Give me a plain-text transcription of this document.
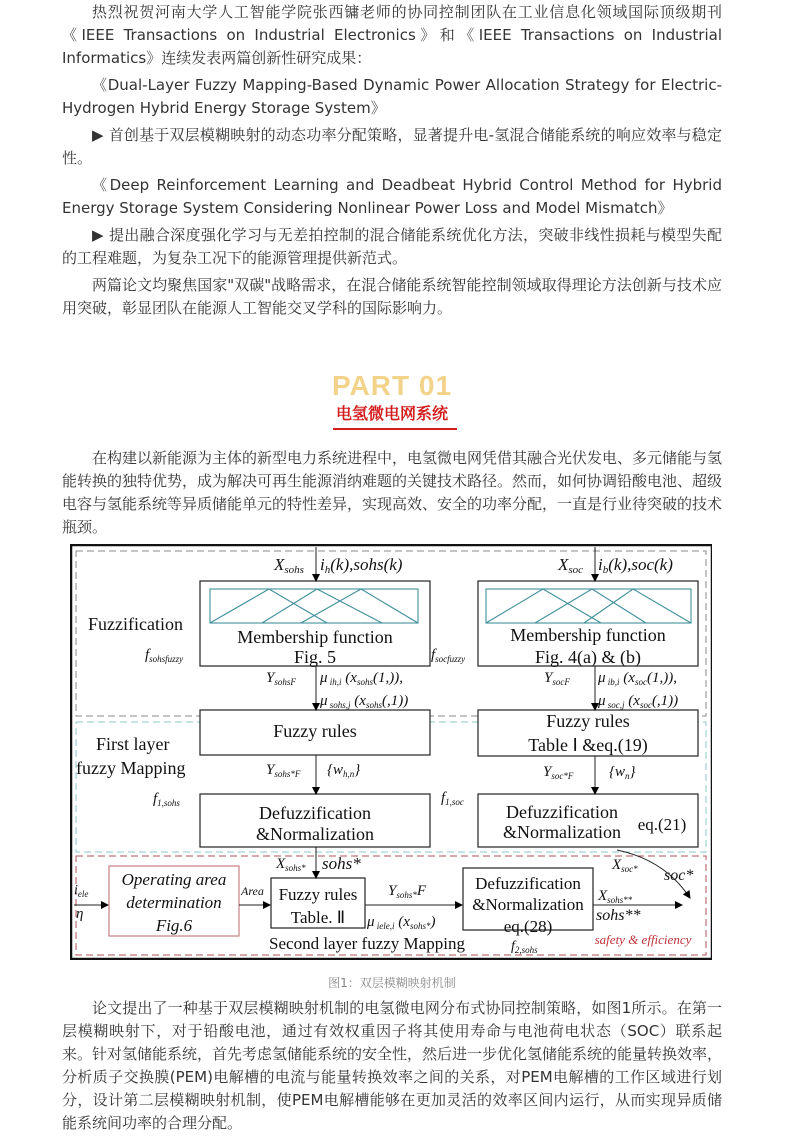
热烈祝贺河南大学人工智能学院张西镛老师的协同控制团队在工业信息化领域国际顶级期刊《IEEE Transactions on Industrial Electronics》和《IEEE Transactions on Industrial Informatics》连续发表两篇创新性研究成果：

《Dual-Layer Fuzzy Mapping-Based Dynamic Power Allocation Strategy for Electric-Hydrogen Hybrid Energy Storage System》

▶ 首创基于双层模糊映射的动态功率分配策略，显著提升电-氢混合储能系统的响应效率与稳定性。

《Deep Reinforcement Learning and Deadbeat Hybrid Control Method for Hybrid Energy Storage System Considering Nonlinear Power Loss and Model Mismatch》

▶ 提出融合深度强化学习与无差拍控制的混合储能系统优化方法，突破非线性损耗与模型失配的工程难题，为复杂工况下的能源管理提供新范式。

两篇论文均聚焦国家"双碳"战略需求，在混合储能系统智能控制领域取得理论方法创新与技术应用突破，彰显团队在能源人工智能交叉学科的国际影响力。

PART 01
电氢微电网系统

在构建以新能源为主体的新型电力系统进程中，电氢微电网凭借其融合光伏发电、多元储能与氢能转换的独特优势，成为解决可再生能源消纳难题的关键技术路径。然而，如何协调铅酸电池、超级电容与氢能系统等异质储能单元的特性差异，实现高效、安全的功率分配，一直是行业待突破的技术瓶颈。

Xsohs ih(k),sohs(k)	Xsoc ib(k),soc(k)
Fuzzification
Membership function
Fig. 5
$f_{sohsfuzzy}$	$f_{socfuzzy}$
Membership function
Fig. 4(a) & (b)
$Y_{sohsF}$ μ $_{ih,i}$ $(x_{sohs}(1,))$,	$Y_{socF}$ μ $_{ib,i}$ $(x_{soc}(1,))$,
μ $_{sohs,j}$ $(x_{sohs}(,1))$	μ $_{soc,j}$ $(x_{soc}(,1))$
Fuzzy rules	Fuzzy rules
Table Ⅰ &eq.(19)
First layer
fuzzy Mapping	$Y_{sohs*F}$ $\{w_{h,n}\}$	$Y_{soc*F}$ $\{w_n\}$
$f_{1,sohs}$	$f_{1,soc}$
Defuzzification
&Normalization
Defuzzification
&Normalization eq.(21)
$X_{sohs*}$ sohs*	$X_{soc*}$ soc*
$i_{ele}$
η
Operating area
determination
Fig.6
Area Fuzzy rules
Table. Ⅱ
$Y_{sohs*}F$
μ $_{iele,i}$ $(x_{sohs*})$
Defuzzification
&Normalization
eq.(28)
$X_{sohs**}$
sohs**
Second layer fuzzy Mapping	$f_{2,sohs}$
safety & efficiency
图1：双层模糊映射机制

论文提出了一种基于双层模糊映射机制的电氢微电网分布式协同控制策略，如图1所示。在第一层模糊映射下，对于铅酸电池，通过有效权重因子将其使用寿命与电池荷电状态（SOC）联系起来。针对氢储能系统，首先考虑氢储能系统的安全性，然后进一步优化氢储能系统的能量转换效率，分析质子交换膜(PEM)电解槽的电流与能量转换效率之间的关系，对PEM电解槽的工作区域进行划分，设计第二层模糊映射机制，使PEM电解槽能够在更加灵活的效率区间内运行，从而实现异质储能系统间功率的合理分配。
